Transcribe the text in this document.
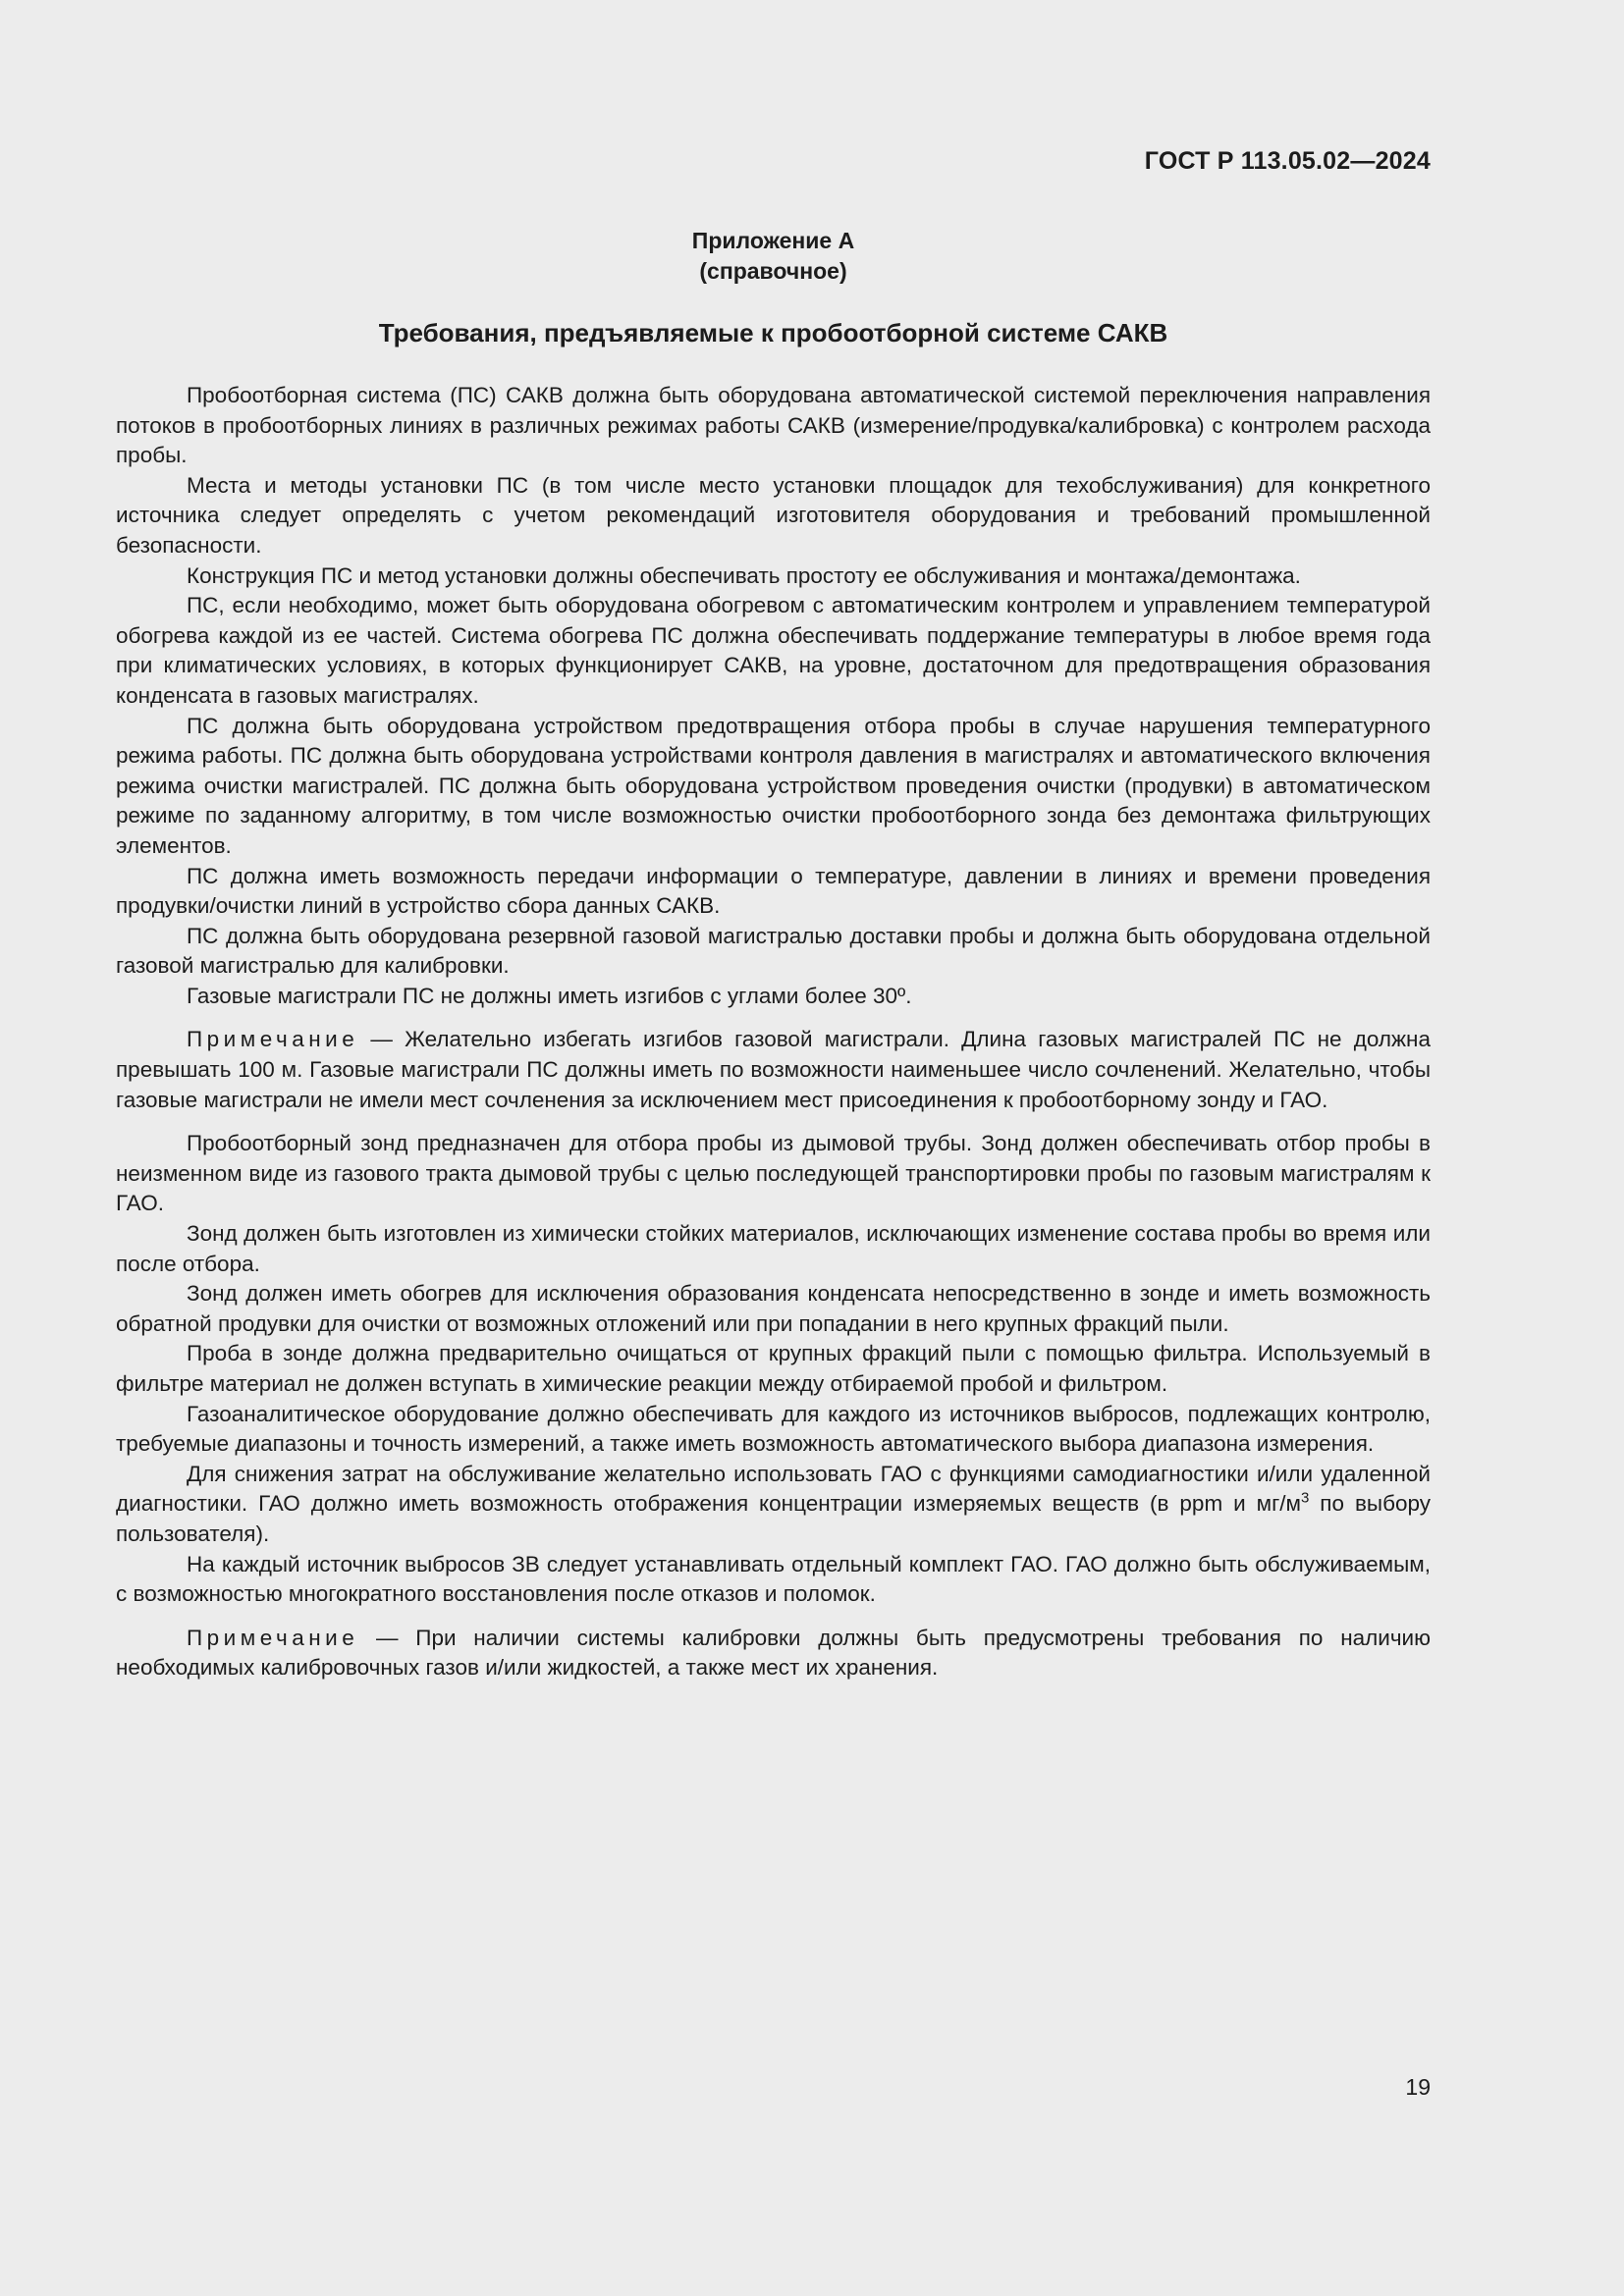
ГОСТ Р 113.05.02—2024
Приложение А
(справочное)
Требования, предъявляемые к пробоотборной системе САКВ

Пробоотборная система (ПС) САКВ должна быть оборудована автоматической системой переключения направления потоков в пробоотборных линиях в различных режимах работы САКВ (измерение/продувка/калибровка) с контролем расхода пробы.

Места и методы установки ПС (в том числе место установки площадок для техобслуживания) для конкретного источника следует определять с учетом рекомендаций изготовителя оборудования и требований промышленной безопасности.

Конструкция ПС и метод установки должны обеспечивать простоту ее обслуживания и монтажа/демонтажа.

ПС, если необходимо, может быть оборудована обогревом с автоматическим контролем и управлением температурой обогрева каждой из ее частей. Система обогрева ПС должна обеспечивать поддержание температуры в любое время года при климатических условиях, в которых функционирует САКВ, на уровне, достаточном для предотвращения образования конденсата в газовых магистралях.

ПС должна быть оборудована устройством предотвращения отбора пробы в случае нарушения температурного режима работы. ПС должна быть оборудована устройствами контроля давления в магистралях и автоматического включения режима очистки магистралей. ПС должна быть оборудована устройством проведения очистки (продувки) в автоматическом режиме по заданному алгоритму, в том числе возможностью очистки пробоотборного зонда без демонтажа фильтрующих элементов.

ПС должна иметь возможность передачи информации о температуре, давлении в линиях и времени проведения продувки/очистки линий в устройство сбора данных САКВ.

ПС должна быть оборудована резервной газовой магистралью доставки пробы и должна быть оборудована отдельной газовой магистралью для калибровки.

Газовые магистрали ПС не должны иметь изгибов с углами более 30º.

Примечание — Желательно избегать изгибов газовой магистрали. Длина газовых магистралей ПС не должна превышать 100 м. Газовые магистрали ПС должны иметь по возможности наименьшее число сочленений. Желательно, чтобы газовые магистрали не имели мест сочленения за исключением мест присоединения к пробоотборному зонду и ГАО.

Пробоотборный зонд предназначен для отбора пробы из дымовой трубы. Зонд должен обеспечивать отбор пробы в неизменном виде из газового тракта дымовой трубы с целью последующей транспортировки пробы по газовым магистралям к ГАО.

Зонд должен быть изготовлен из химически стойких материалов, исключающих изменение состава пробы во время или после отбора.

Зонд должен иметь обогрев для исключения образования конденсата непосредственно в зонде и иметь возможность обратной продувки для очистки от возможных отложений или при попадании в него крупных фракций пыли.

Проба в зонде должна предварительно очищаться от крупных фракций пыли с помощью фильтра. Используемый в фильтре материал не должен вступать в химические реакции между отбираемой пробой и фильтром.

Газоаналитическое оборудование должно обеспечивать для каждого из источников выбросов, подлежащих контролю, требуемые диапазоны и точность измерений, а также иметь возможность автоматического выбора диапазона измерения.

Для снижения затрат на обслуживание желательно использовать ГАО с функциями самодиагностики и/или удаленной диагностики. ГАО должно иметь возможность отображения концентрации измеряемых веществ (в ppm и $мг/м^3$ по выбору пользователя).

На каждый источник выбросов ЗВ следует устанавливать отдельный комплект ГАО. ГАО должно быть обслуживаемым, с возможностью многократного восстановления после отказов и поломок.

Примечание — При наличии системы калибровки должны быть предусмотрены требования по наличию необходимых калибровочных газов и/или жидкостей, а также мест их хранения.

19
